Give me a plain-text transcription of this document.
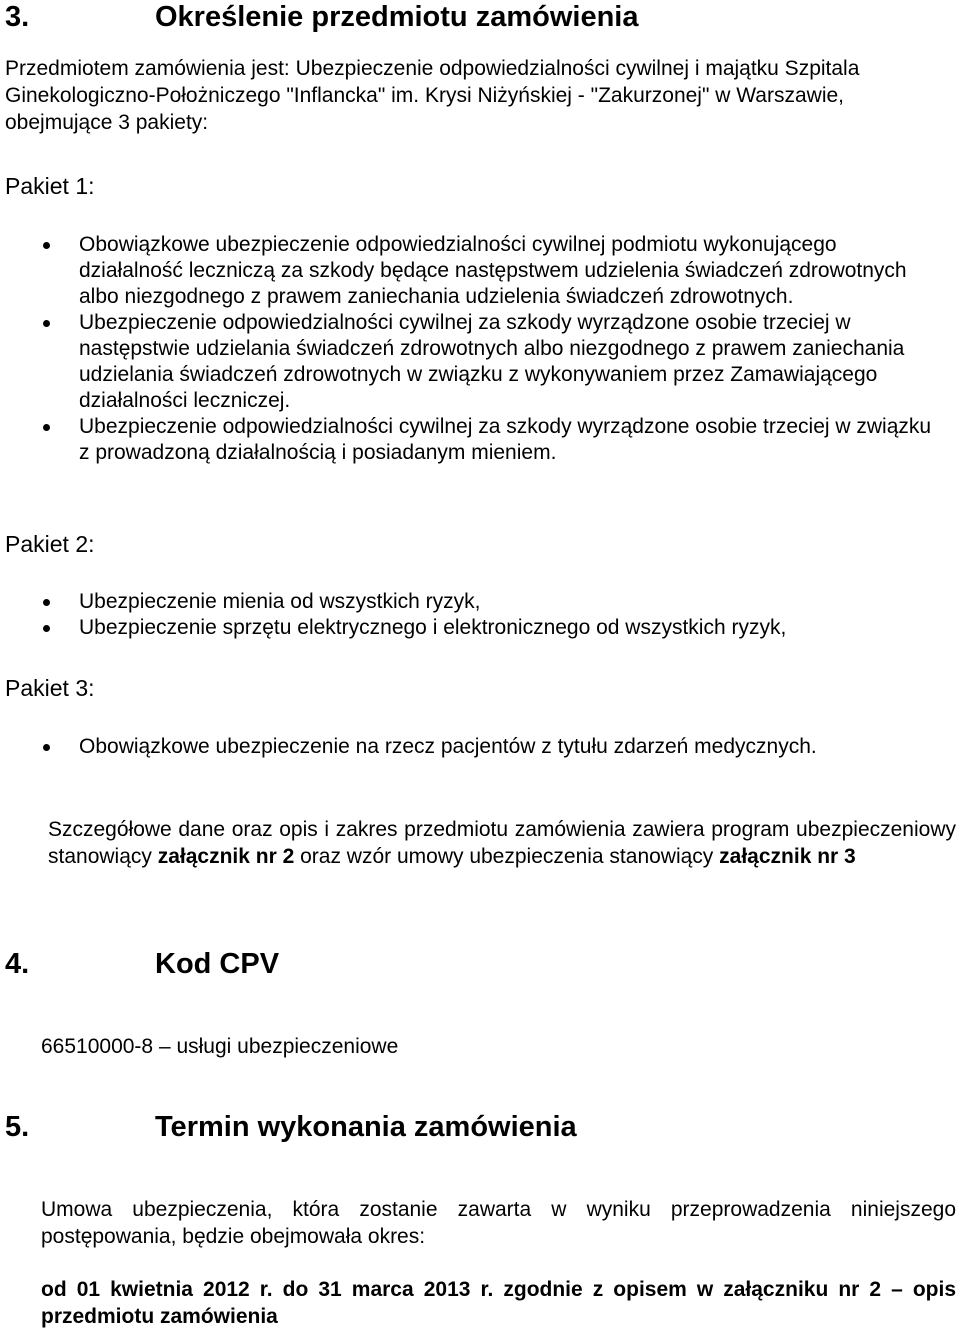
3.	Określenie przedmiotu zamówienia
Przedmiotem zamówienia jest: Ubezpieczenie odpowiedzialności cywilnej i majątku Szpitala Ginekologiczno-Położniczego "Inflancka" im. Krysi Niżyńskiej - "Zakurzonej" w Warszawie, obejmujące 3 pakiety:
Pakiet 1:
Obowiązkowe ubezpieczenie odpowiedzialności cywilnej podmiotu wykonującego działalność leczniczą za szkody będące następstwem udzielenia świadczeń zdrowotnych albo niezgodnego z prawem zaniechania udzielenia świadczeń zdrowotnych.
Ubezpieczenie odpowiedzialności cywilnej za szkody wyrządzone osobie trzeciej w następstwie udzielania świadczeń zdrowotnych albo niezgodnego z prawem zaniechania udzielania świadczeń zdrowotnych w związku z wykonywaniem przez Zamawiającego działalności leczniczej.
Ubezpieczenie odpowiedzialności cywilnej za szkody wyrządzone osobie trzeciej w związku z prowadzoną działalnością i posiadanym mieniem.
Pakiet 2:
Ubezpieczenie mienia od wszystkich ryzyk,
Ubezpieczenie sprzętu elektrycznego i elektronicznego od wszystkich ryzyk,
Pakiet 3:
Obowiązkowe ubezpieczenie na rzecz pacjentów z tytułu zdarzeń medycznych.
Szczegółowe dane oraz opis i zakres przedmiotu zamówienia zawiera program ubezpieczeniowy stanowiący załącznik nr 2 oraz wzór umowy ubezpieczenia stanowiący załącznik nr 3
4.	Kod CPV
66510000-8 – usługi ubezpieczeniowe
5.	Termin wykonania zamówienia
Umowa ubezpieczenia, która zostanie zawarta w wyniku przeprowadzenia niniejszego postępowania, będzie obejmowała okres:
od 01 kwietnia 2012 r. do 31 marca 2013 r. zgodnie z opisem w załączniku nr 2 – opis przedmiotu zamówienia
